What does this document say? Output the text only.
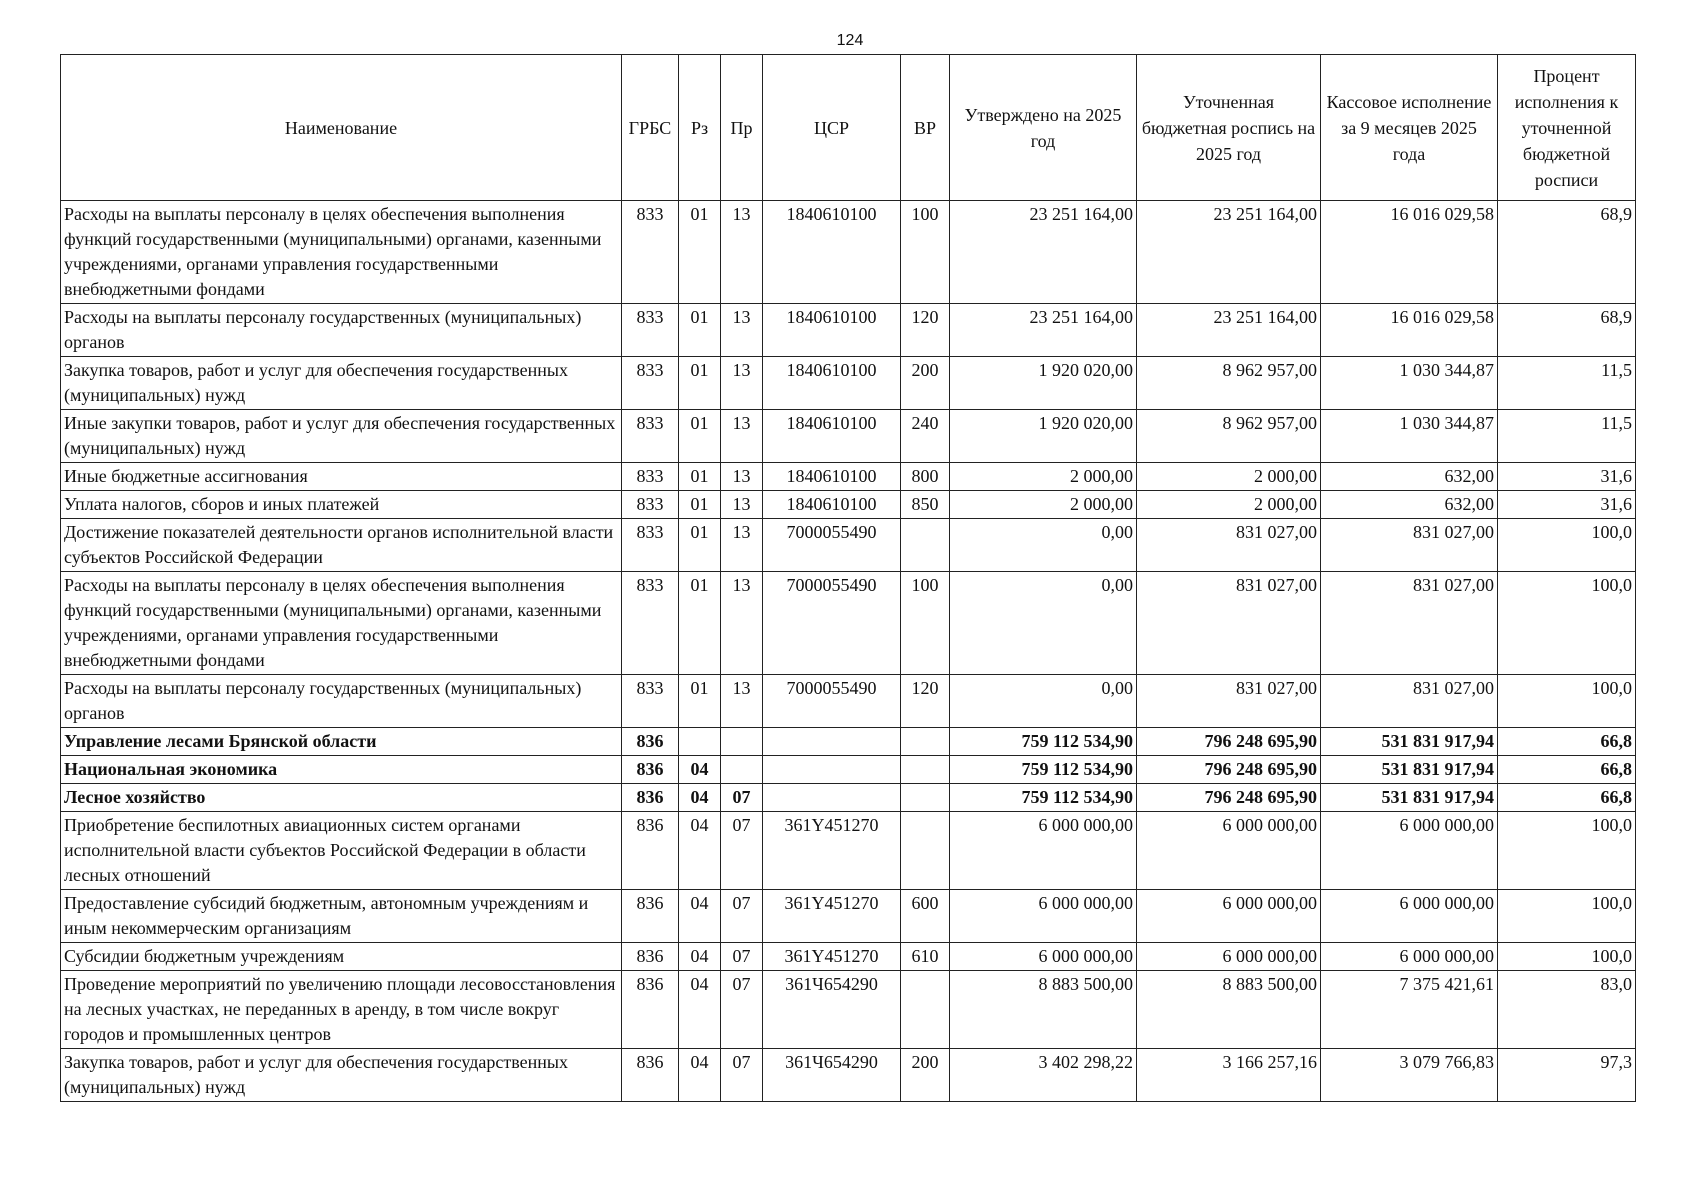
124
Наименование	ГРБС	Рз	Пр	ЦСР	ВР	Утверждено на 2025 год	Уточненная бюджетная роспись на 2025 год	Кассовое исполнение за 9 месяцев 2025 года	Процент исполнения к уточненной бюджетной росписи
Расходы на выплаты персоналу в целях обеспечения выполнения функций государственными (муниципальными) органами, казенными учреждениями, органами управления государственными внебюджетными фондами	833	01	13	1840610100	100	23 251 164,00	23 251 164,00	16 016 029,58	68,9
Расходы на выплаты персоналу государственных (муниципальных) органов	833	01	13	1840610100	120	23 251 164,00	23 251 164,00	16 016 029,58	68,9
Закупка товаров, работ и услуг для обеспечения государственных (муниципальных) нужд	833	01	13	1840610100	200	1 920 020,00	8 962 957,00	1 030 344,87	11,5
Иные закупки товаров, работ и услуг для обеспечения государственных (муниципальных) нужд	833	01	13	1840610100	240	1 920 020,00	8 962 957,00	1 030 344,87	11,5
Иные бюджетные ассигнования	833	01	13	1840610100	800	2 000,00	2 000,00	632,00	31,6
Уплата налогов, сборов и иных платежей	833	01	13	1840610100	850	2 000,00	2 000,00	632,00	31,6
Достижение показателей деятельности органов исполнительной власти субъектов Российской Федерации	833	01	13	7000055490		0,00	831 027,00	831 027,00	100,0
Расходы на выплаты персоналу в целях обеспечения выполнения функций государственными (муниципальными) органами, казенными учреждениями, органами управления государственными внебюджетными фондами	833	01	13	7000055490	100	0,00	831 027,00	831 027,00	100,0
Расходы на выплаты персоналу государственных (муниципальных) органов	833	01	13	7000055490	120	0,00	831 027,00	831 027,00	100,0
Управление лесами Брянской области	836					759 112 534,90	796 248 695,90	531 831 917,94	66,8
Национальная экономика	836	04				759 112 534,90	796 248 695,90	531 831 917,94	66,8
Лесное хозяйство	836	04	07			759 112 534,90	796 248 695,90	531 831 917,94	66,8
Приобретение беспилотных авиационных систем органами исполнительной власти субъектов Российской Федерации в области лесных отношений	836	04	07	361Y451270		6 000 000,00	6 000 000,00	6 000 000,00	100,0
Предоставление субсидий бюджетным, автономным учреждениям и иным некоммерческим организациям	836	04	07	361Y451270	600	6 000 000,00	6 000 000,00	6 000 000,00	100,0
Субсидии бюджетным учреждениям	836	04	07	361Y451270	610	6 000 000,00	6 000 000,00	6 000 000,00	100,0
Проведение мероприятий по увеличению площади лесовосстановления на лесных участках, не переданных в аренду, в том числе вокруг городов и промышленных центров	836	04	07	361Ч654290		8 883 500,00	8 883 500,00	7 375 421,61	83,0
Закупка товаров, работ и услуг для обеспечения государственных (муниципальных) нужд	836	04	07	361Ч654290	200	3 402 298,22	3 166 257,16	3 079 766,83	97,3
